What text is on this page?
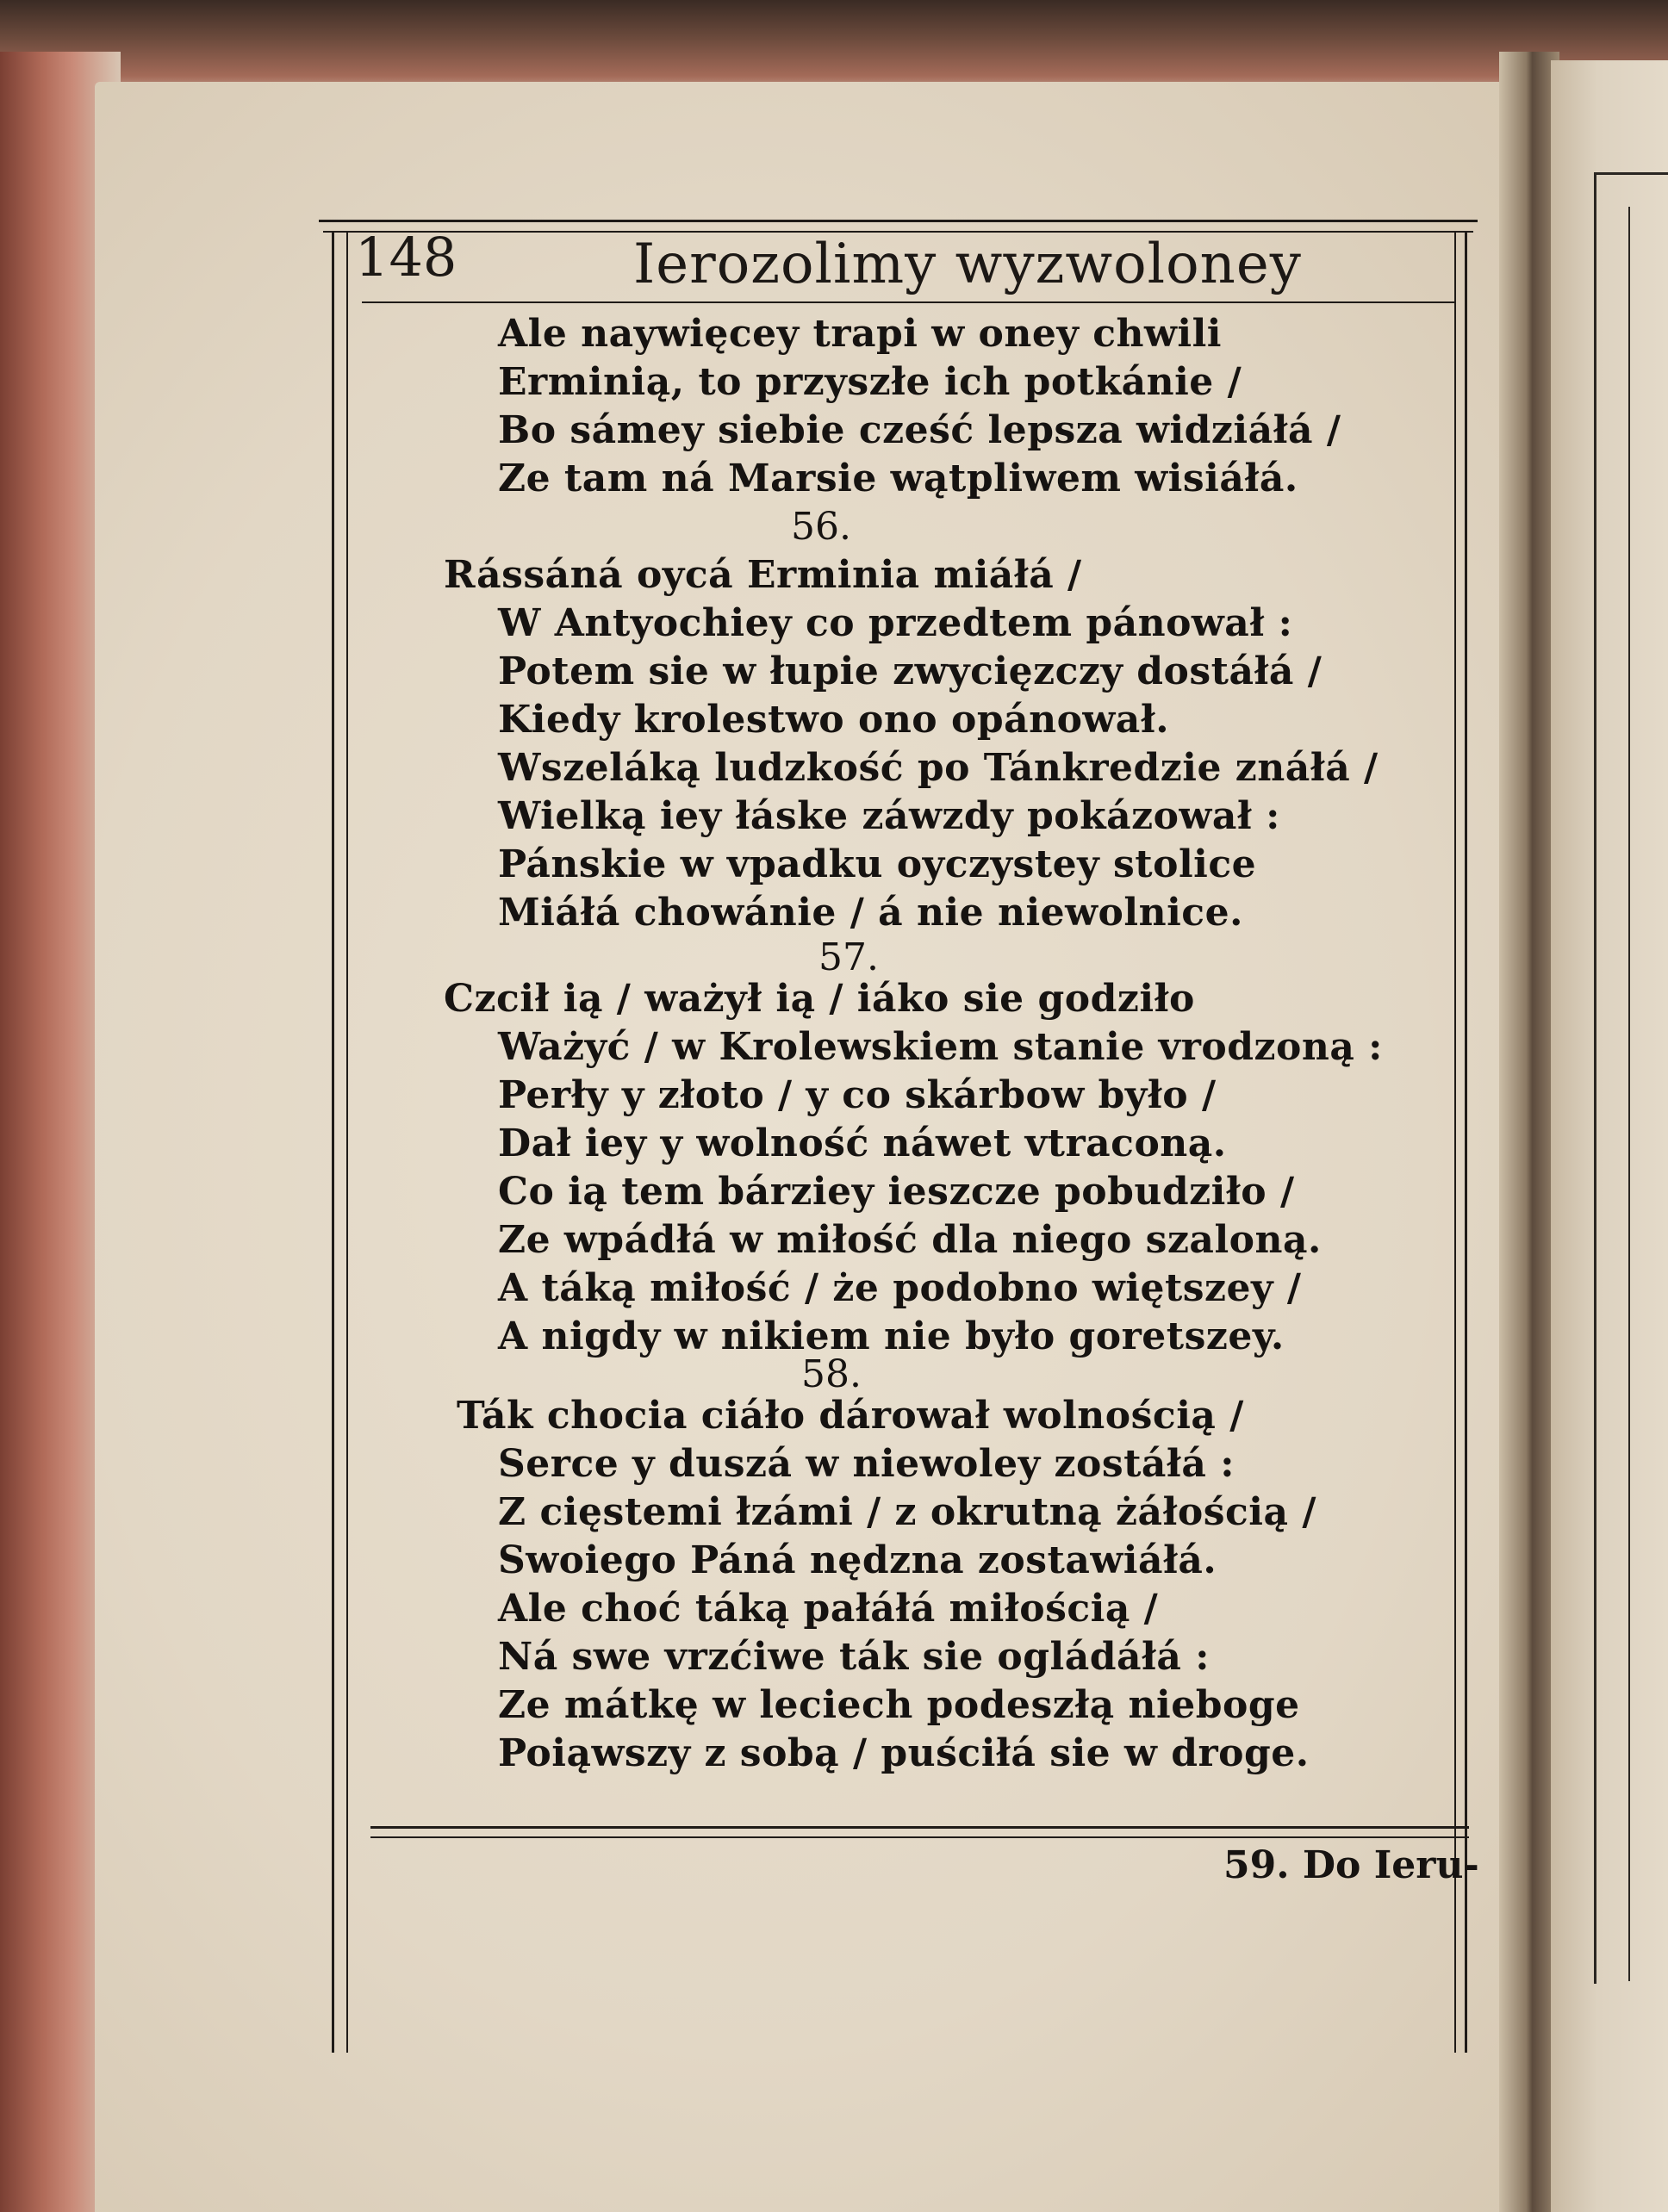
148	Ierozolimy wyzwoloney
Ale naywięcey trapi w oney chwili
Erminią, to przyszłe ich potkánie /
Bo sámey siebie cześć lepsza widziáłá /
Ze tam ná Marsie wątpliwem wisiáłá.
56.
Rássáná oycá Erminia miáłá /
W Antyochiey co przedtem pánował :
Potem sie w łupie zwycięzczy dostáłá /
Kiedy krolestwo ono opánował.
Wszeláką ludzkość po Tánkredzie znáłá /
Wielką iey łáske záwzdy pokázował :
Pánskie w vpadku oyczystey stolice
Miáłá chowánie / á nie niewolnice.
57.
Czcił ią / ważył ią / iáko sie godziło
Ważyć / w Krolewskiem stanie vrodzoną :
Perły y złoto / y co skárbow było /
Dał iey y wolność náwet vtraconą.
Co ią tem bárziey ieszcze pobudziło /
Ze wpádłá w miłość dla niego szaloną.
A táką miłość / że podobno więtszey /
A nigdy w nikiem nie było goretszey.
58.
Ták chocia ciáło dárował wolnością /
Serce y duszá w niewoley zostáłá :
Z cięstemi łzámi / z okrutną żáłością /
Swoiego Páná nędzna zostawiáłá.
Ale choć táką pałáłá miłością /
Ná swe vrzćiwe ták sie ogládáłá :
Ze mátkę w leciech podeszłą nieboge
Poiąwszy z sobą / puściłá sie w droge.
59. Do Ieru-
